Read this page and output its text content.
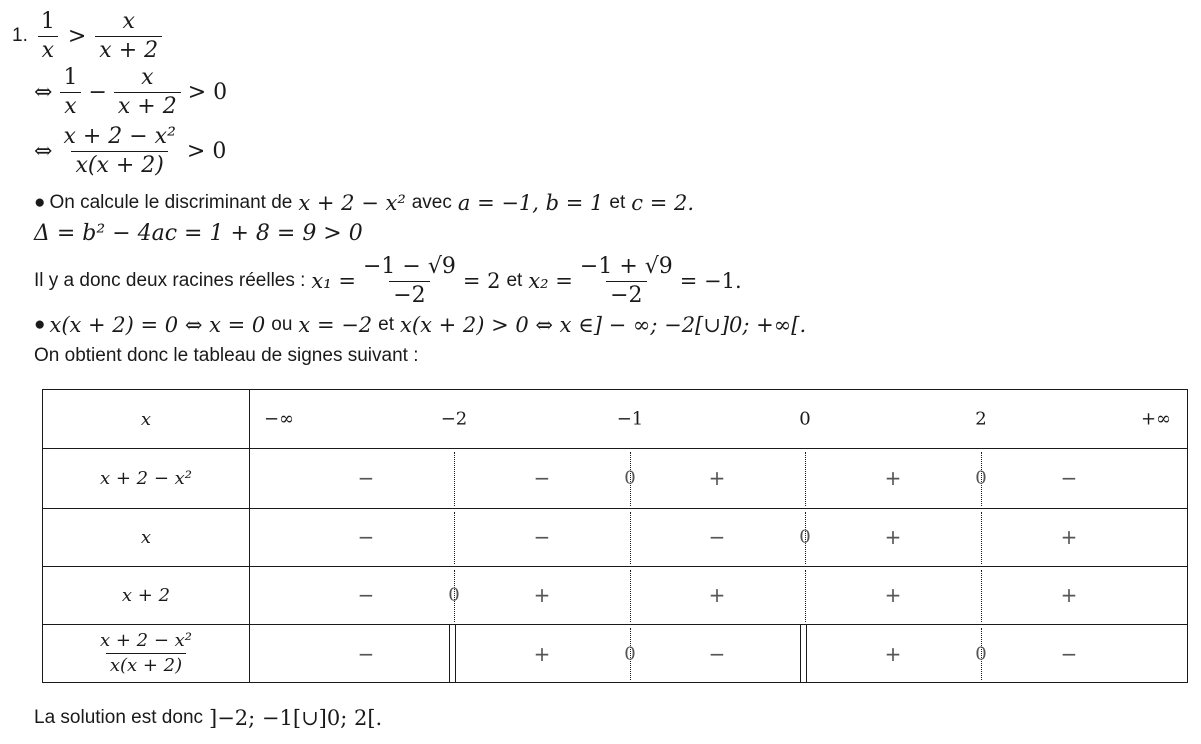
1. $\frac{1}{x} > \frac{x}{x + 2}$
⇔ $\frac{1}{x} - \frac{x}{x + 2} > 0$
⇔ $\frac{\text{x + 2 − x²}}{x(x + 2)} > 0$
● On calcule le discriminant de x + 2 − x² avec a = −1, b = 1 et c = 2.
Δ = b² − 4ac = 1 + 8 = 9 > 0
Il y a donc deux racines réelles : $x_1 = \frac{-1 - √9}{-2} = 2$ et $x_2 = \frac{-1 + √9}{-2} = -1$.
● x(x + 2) = 0 ⇔ x = 0 ou x = −2 et x(x + 2) > 0 ⇔ x ∈] − ∞; −2[∪]0; +∞[.
On obtient donc le tableau de signes suivant :
x	−∞	−2	−1	0	2	+∞
x + 2 − x²	−	−	0	+	+	0	−
x	−	−	−	0	+	+
x + 2	−	0	+	+	+	+
$\frac{\text{x + 2 − x²}}{x(x + 2)}$	−	+	0	−	+	0	−
La solution est donc ]−2; −1[∪]0; 2[.
